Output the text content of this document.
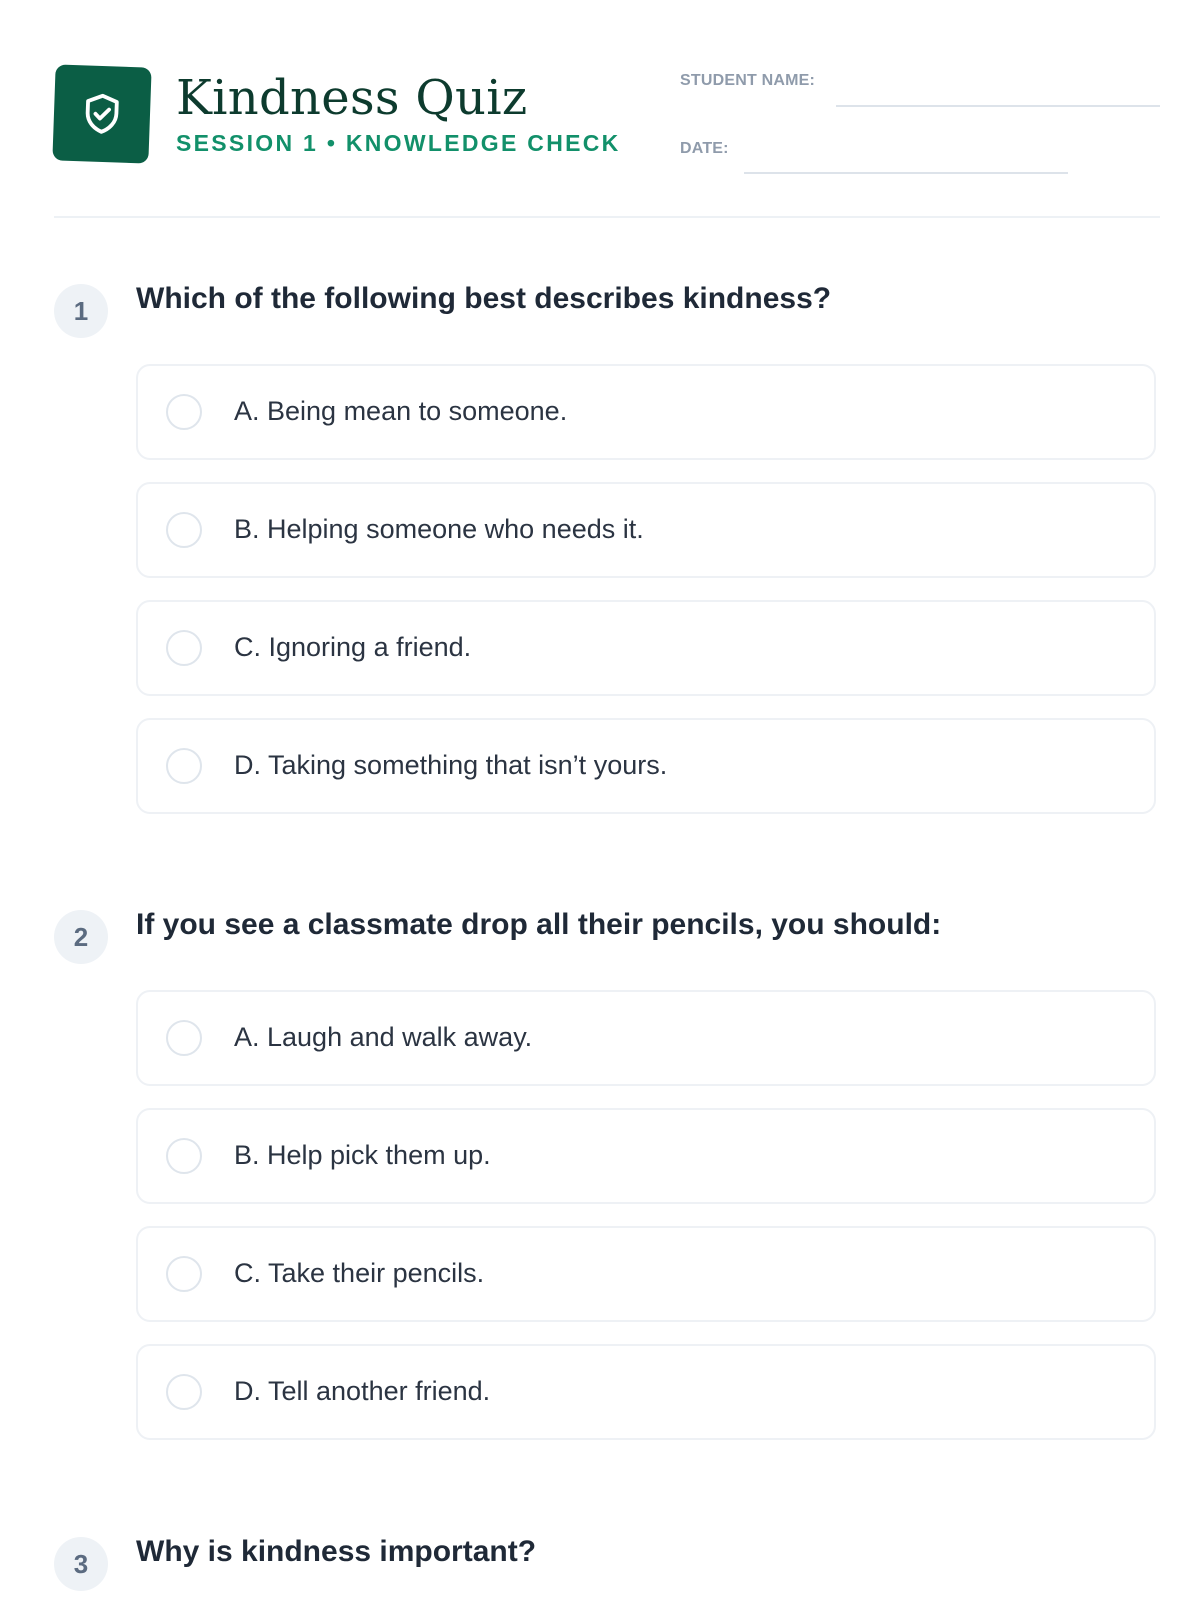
Kindness Quiz
SESSION 1 • KNOWLEDGE CHECK
STUDENT NAME:
DATE:
1	Which of the following best describes kindness?
A. Being mean to someone.
B. Helping someone who needs it.
C. Ignoring a friend.
D. Taking something that isn’t yours.
2	If you see a classmate drop all their pencils, you should:
A. Laugh and walk away.
B. Help pick them up.
C. Take their pencils.
D. Tell another friend.
3	Why is kindness important?
